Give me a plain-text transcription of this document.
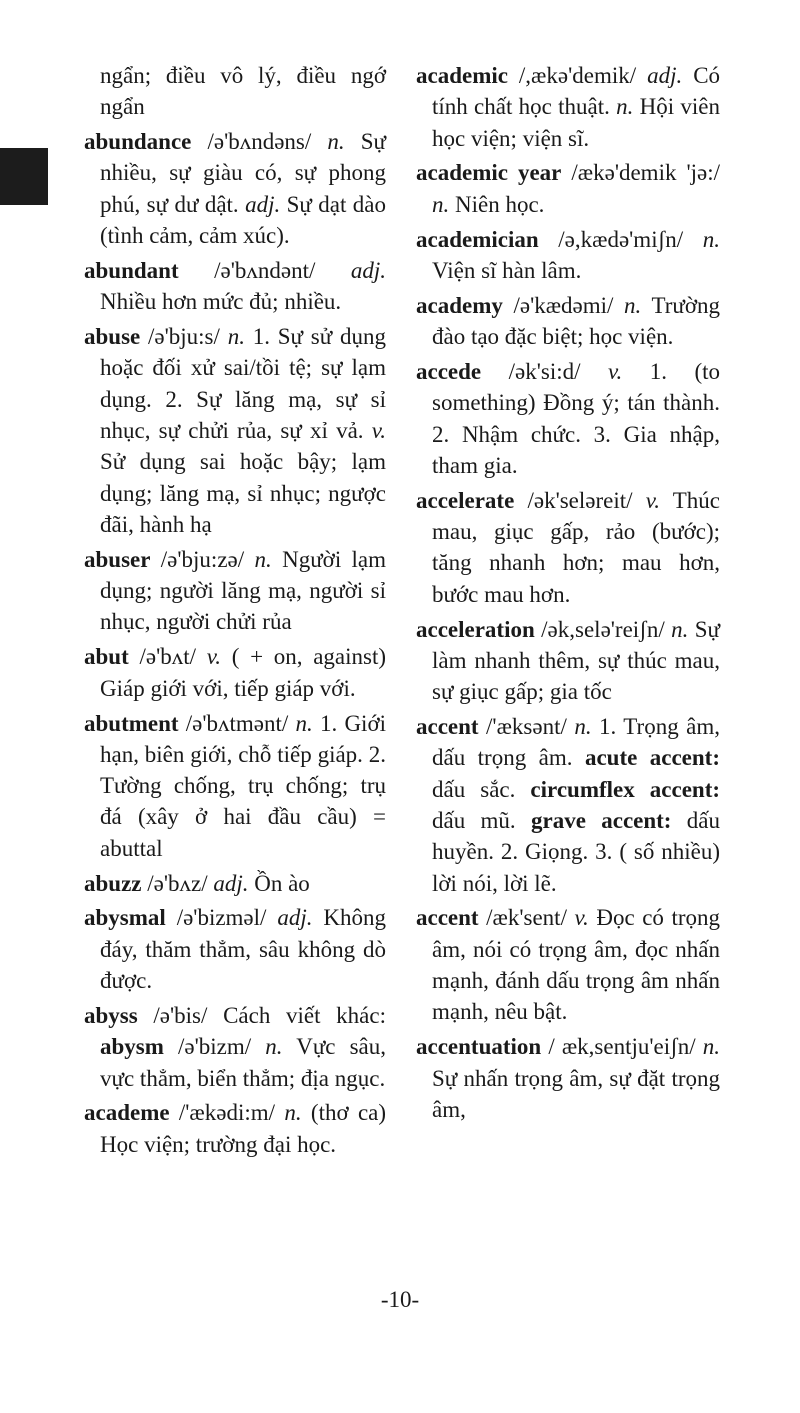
ngẩn; điều vô lý, điều ngớ ngẩn

abundance /ə'bʌndəns/ n. Sự nhiều, sự giàu có, sự phong phú, sự dư dật. adj. Sự dạt dào (tình cảm, cảm xúc).

abundant /ə'bʌndənt/ adj. Nhiều hơn mức đủ; nhiều.

abuse /ə'bju:s/ n. 1. Sự sử dụng hoặc đối xử sai/tồi tệ; sự lạm dụng. 2. Sự lăng mạ, sự sỉ nhục, sự chửi rủa, sự xỉ vả. v. Sử dụng sai hoặc bậy; lạm dụng; lăng mạ, sỉ nhục; ngược đãi, hành hạ

abuser /ə'bju:zə/ n. Người lạm dụng; người lăng mạ, người sỉ nhục, người chửi rủa

abut /ə'bʌt/ v. ( + on, against) Giáp giới với, tiếp giáp với.

abutment /ə'bʌtmənt/ n. 1. Giới hạn, biên giới, chỗ tiếp giáp. 2. Tường chống, trụ chống; trụ đá (xây ở hai đầu cầu) = abuttal

abuzz /ə'bʌz/ adj. Ồn ào

abysmal /ə'bizməl/ adj. Không đáy, thăm thẳm, sâu không dò được.

abyss /ə'bis/ Cách viết khác: abysm /ə'bizm/ n. Vực sâu, vực thẳm, biển thẳm; địa ngục.

academe /'ækədi:m/ n. (thơ ca) Học viện; trường đại học.

academic /,ækə'demik/ adj. Có tính chất học thuật. n. Hội viên học viện; viện sĩ.

academic year /ækə'demik 'jə:/ n. Niên học.

academician /ə,kædə'miʃn/ n. Viện sĩ hàn lâm.

academy /ə'kædəmi/ n. Trường đào tạo đặc biệt; học viện.

accede /ək'si:d/ v. 1. (to something) Đồng ý; tán thành. 2. Nhậm chức. 3. Gia nhập, tham gia.

accelerate /ək'seləreit/ v. Thúc mau, giục gấp, rảo (bước); tăng nhanh hơn; mau hơn, bước mau hơn.

acceleration /ək,selə'reiʃn/ n. Sự làm nhanh thêm, sự thúc mau, sự giục gấp; gia tốc

accent /'æksənt/ n. 1. Trọng âm, dấu trọng âm. acute accent: dấu sắc. circumflex accent: dấu mũ. grave accent: dấu huyền. 2. Giọng. 3. ( số nhiều) lời nói, lời lẽ.

accent /æk'sent/ v. Đọc có trọng âm, nói có trọng âm, đọc nhấn mạnh, đánh dấu trọng âm nhấn mạnh, nêu bật.

accentuation / æk,sentju'eiʃn/ n. Sự nhấn trọng âm, sự đặt trọng âm,

-10-
